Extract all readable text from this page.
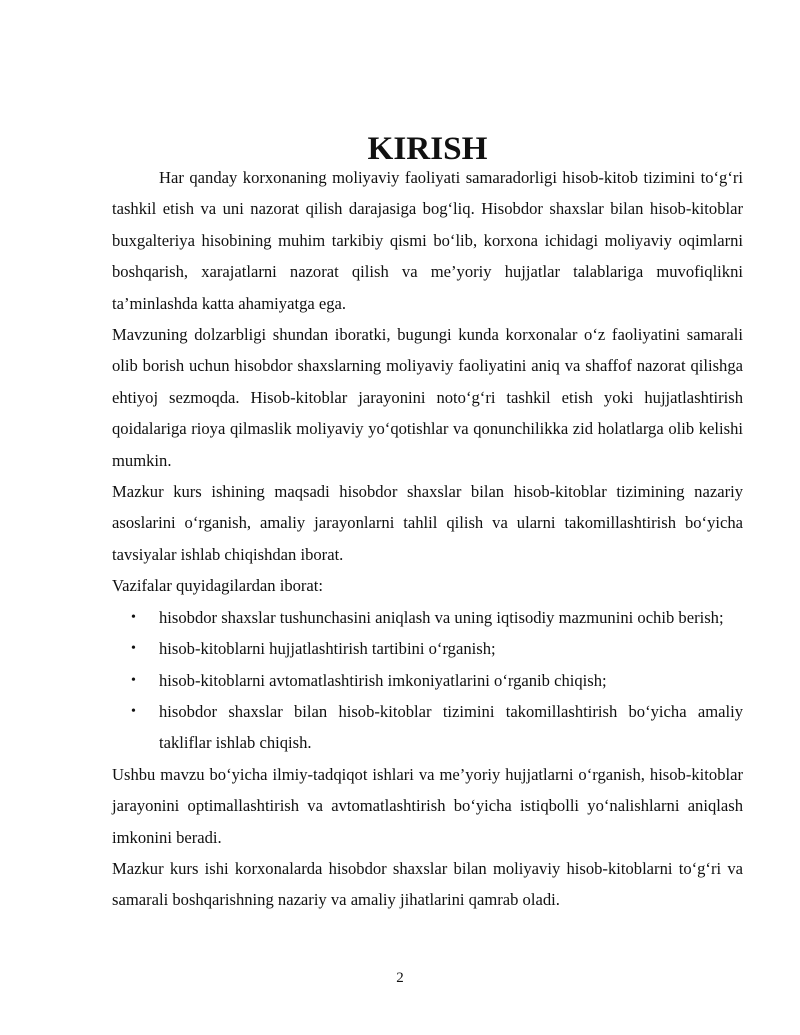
KIRISH

Har qanday korxonaning moliyaviy faoliyati samaradorligi hisob-kitob tizimini to‘g‘ri tashkil etish va uni nazorat qilish darajasiga bog‘liq. Hisobdor shaxslar bilan hisob-kitoblar buxgalteriya hisobining muhim tarkibiy qismi bo‘lib, korxona ichidagi moliyaviy oqimlarni boshqarish, xarajatlarni nazorat qilish va me’yoriy hujjatlar talablariga muvofiqlikni ta’minlashda katta ahamiyatga ega.

Mavzuning dolzarbligi shundan iboratki, bugungi kunda korxonalar o‘z faoliyatini samarali olib borish uchun hisobdor shaxslarning moliyaviy faoliyatini aniq va shaffof nazorat qilishga ehtiyoj sezmoqda. Hisob-kitoblar jarayonini noto‘g‘ri tashkil etish yoki hujjatlashtirish qoidalariga rioya qilmaslik moliyaviy yo‘qotishlar va qonunchilikka zid holatlarga olib kelishi mumkin.

Mazkur kurs ishining maqsadi hisobdor shaxslar bilan hisob-kitoblar tizimining nazariy asoslarini o‘rganish, amaliy jarayonlarni tahlil qilish va ularni takomillashtirish bo‘yicha tavsiyalar ishlab chiqishdan iborat.

Vazifalar quyidagilardan iborat:

• hisobdor shaxslar tushunchasini aniqlash va uning iqtisodiy mazmunini ochib berish;
• hisob-kitoblarni hujjatlashtirish tartibini o‘rganish;
• hisob-kitoblarni avtomatlashtirish imkoniyatlarini o‘rganib chiqish;
• hisobdor shaxslar bilan hisob-kitoblar tizimini takomillashtirish bo‘yicha amaliy takliflar ishlab chiqish.

Ushbu mavzu bo‘yicha ilmiy-tadqiqot ishlari va me’yoriy hujjatlarni o‘rganish, hisob-kitoblar jarayonini optimallashtirish va avtomatlashtirish bo‘yicha istiqbolli yo‘nalishlarni aniqlash imkonini beradi.

Mazkur kurs ishi korxonalarda hisobdor shaxslar bilan moliyaviy hisob-kitoblarni to‘g‘ri va samarali boshqarishning nazariy va amaliy jihatlarini qamrab oladi.

2
